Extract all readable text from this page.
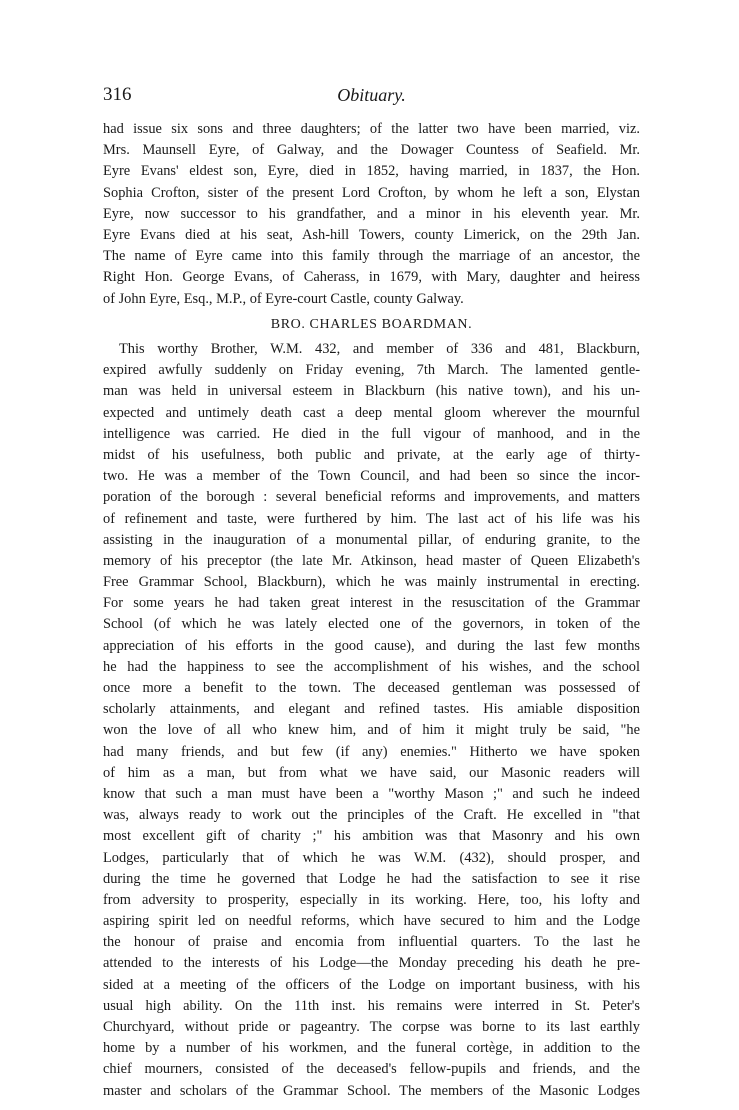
316	Obituary.
had issue six sons and three daughters; of the latter two have been married, viz.
Mrs. Maunsell Eyre, of Galway, and the Dowager Countess of Seafield. Mr.
Eyre Evans' eldest son, Eyre, died in 1852, having married, in 1837, the Hon.
Sophia Crofton, sister of the present Lord Crofton, by whom he left a son, Elystan
Eyre, now successor to his grandfather, and a minor in his eleventh year. Mr.
Eyre Evans died at his seat, Ash-hill Towers, county Limerick, on the 29th Jan.
The name of Eyre came into this family through the marriage of an ancestor, the
Right Hon. George Evans, of Caherass, in 1679, with Mary, daughter and heiress
of John Eyre, Esq., M.P., of Eyre-court Castle, county Galway.
BRO. CHARLES BOARDMAN.
This worthy Brother, W.M. 432, and member of 336 and 481, Blackburn,
expired awfully suddenly on Friday evening, 7th March. The lamented gentle-
man was held in universal esteem in Blackburn (his native town), and his un-
expected and untimely death cast a deep mental gloom wherever the mournful
intelligence was carried. He died in the full vigour of manhood, and in the
midst of his usefulness, both public and private, at the early age of thirty-
two. He was a member of the Town Council, and had been so since the incor-
poration of the borough : several beneficial reforms and improvements, and matters
of refinement and taste, were furthered by him. The last act of his life was his
assisting in the inauguration of a monumental pillar, of enduring granite, to the
memory of his preceptor (the late Mr. Atkinson, head master of Queen Elizabeth's
Free Grammar School, Blackburn), which he was mainly instrumental in erecting.
For some years he had taken great interest in the resuscitation of the Grammar
School (of which he was lately elected one of the governors, in token of the
appreciation of his efforts in the good cause), and during the last few months
he had the happiness to see the accomplishment of his wishes, and the school
once more a benefit to the town. The deceased gentleman was possessed of
scholarly attainments, and elegant and refined tastes. His amiable disposition
won the love of all who knew him, and of him it might truly be said, "he
had many friends, and but few (if any) enemies." Hitherto we have spoken
of him as a man, but from what we have said, our Masonic readers will
know that such a man must have been a "worthy Mason ;" and such he indeed
was, always ready to work out the principles of the Craft. He excelled in "that
most excellent gift of charity ;" his ambition was that Masonry and his own
Lodges, particularly that of which he was W.M. (432), should prosper, and
during the time he governed that Lodge he had the satisfaction to see it rise
from adversity to prosperity, especially in its working. Here, too, his lofty and
aspiring spirit led on needful reforms, which have secured to him and the Lodge
the honour of praise and encomia from influential quarters. To the last he
attended to the interests of his Lodge—the Monday preceding his death he pre-
sided at a meeting of the officers of the Lodge on important business, with his
usual high ability. On the 11th inst. his remains were interred in St. Peter's
Churchyard, without pride or pageantry. The corpse was borne to its last earthly
home by a number of his workmen, and the funeral cortège, in addition to the
chief mourners, consisted of the deceased's fellow-pupils and friends, and the
master and scholars of the Grammar School. The members of the Masonic Lodges
